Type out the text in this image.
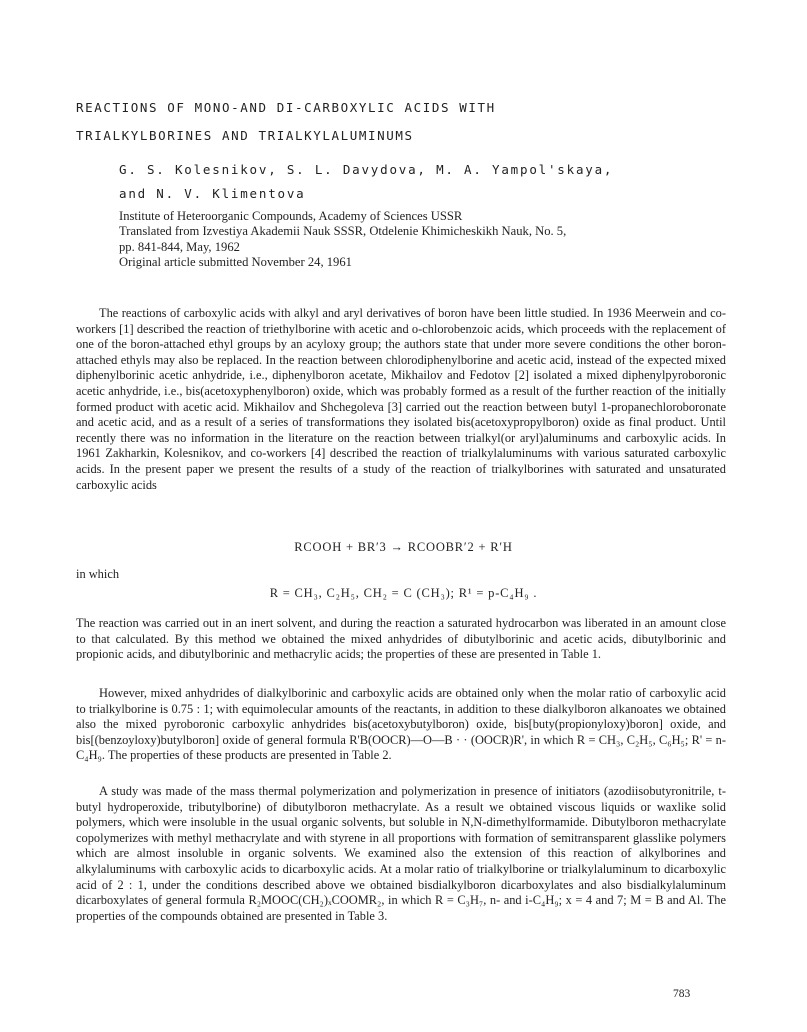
REACTIONS OF MONO-AND DI-CARBOXYLIC ACIDS WITH
TRIALKYLBORINES AND TRIALKYLALUMINUMS
G. S. Kolesnikov, S. L. Davydova, M. A. Yampol'skaya,
and N. V. Klimentova
Institute of Heteroorganic Compounds, Academy of Sciences USSR
Translated from Izvestiya Akademii Nauk SSSR, Otdelenie Khimicheskikh Nauk, No. 5,
pp. 841-844, May, 1962
Original article submitted November 24, 1961

The reactions of carboxylic acids with alkyl and aryl derivatives of boron have been little studied. In 1936 Meerwein and co-workers [1] described the reaction of triethylborine with acetic and o-chlorobenzoic acids, which proceeds with the replacement of one of the boron-attached ethyl groups by an acyloxy group; the authors state that under more severe conditions the other boron-attached ethyls may also be replaced. In the reaction between chlorodiphenylborine and acetic acid, instead of the expected mixed diphenylborinic acetic anhydride, i.e., diphenylboron acetate, Mikhailov and Fedotov [2] isolated a mixed diphenylpyroboronic acetic anhydride, i.e., bis(acetoxyphenylboron) oxide, which was probably formed as a result of the further reaction of the initially formed product with acetic acid. Mikhailov and Shchegoleva [3] carried out the reaction between butyl 1-propanechloroboronate and acetic acid, and as a result of a series of transformations they isolated bis(acetoxypropylboron) oxide as final product. Until recently there was no information in the literature on the reaction between trialkyl(or aryl)aluminums and carboxylic acids. In 1961 Zakharkin, Kolesnikov, and co-workers [4] described the reaction of trialkylaluminums with various saturated carboxylic acids. In the present paper we present the results of a study of the reaction of trialkylborines with saturated and unsaturated carboxylic acids

RCOOH + BR′3 → RCOOBR′2 + R′H
in which
R = CH₃, C₂H₅, CH₂ = C (CH₃); R¹ = p-C₄H₉ .

The reaction was carried out in an inert solvent, and during the reaction a saturated hydrocarbon was liberated in an amount close to that calculated. By this method we obtained the mixed anhydrides of dibutylborinic and acetic acids, dibutylborinic and propionic acids, and dibutylborinic and methacrylic acids; the properties of these are presented in Table 1.

However, mixed anhydrides of dialkylborinic and carboxylic acids are obtained only when the molar ratio of carboxylic acid to trialkylborine is 0.75 : 1; with equimolecular amounts of the reactants, in addition to these dialkylboron alkanoates we obtained also the mixed pyroboronic carboxylic anhydrides bis(acetoxybutylboron) oxide, bis[buty(propionyloxy)boron] oxide, and bis[(benzoyloxy)butylboron] oxide of general formula R'B(OOCR)—O—B · · (OOCR)R', in which R = CH₃, C₂H₅, C₆H₅; R' = n-C₄H₉. The properties of these products are presented in Table 2.

A study was made of the mass thermal polymerization and polymerization in presence of initiators (azodiisobutyronitrile, t-butyl hydroperoxide, tributylborine) of dibutylboron methacrylate. As a result we obtained viscous liquids or waxlike solid polymers, which were insoluble in the usual organic solvents, but soluble in N,N-dimethylformamide. Dibutylboron methacrylate copolymerizes with methyl methacrylate and with styrene in all proportions with formation of semitransparent glasslike polymers which are almost insoluble in organic solvents. We examined also the extension of this reaction of alkylborines and alkylaluminums with carboxylic acids to dicarboxylic acids. At a molar ratio of trialkylborine or trialkylaluminum to dicarboxylic acid of 2 : 1, under the conditions described above we obtained bisdialkylboron dicarboxylates and also bisdialkylaluminum dicarboxylates of general formula R₂MOOC(CH₂)ₓCOOMR₂, in which R = C₃H₇, n- and i-C₄H₉; x = 4 and 7; M = B and Al. The properties of the compounds obtained are presented in Table 3.

783
